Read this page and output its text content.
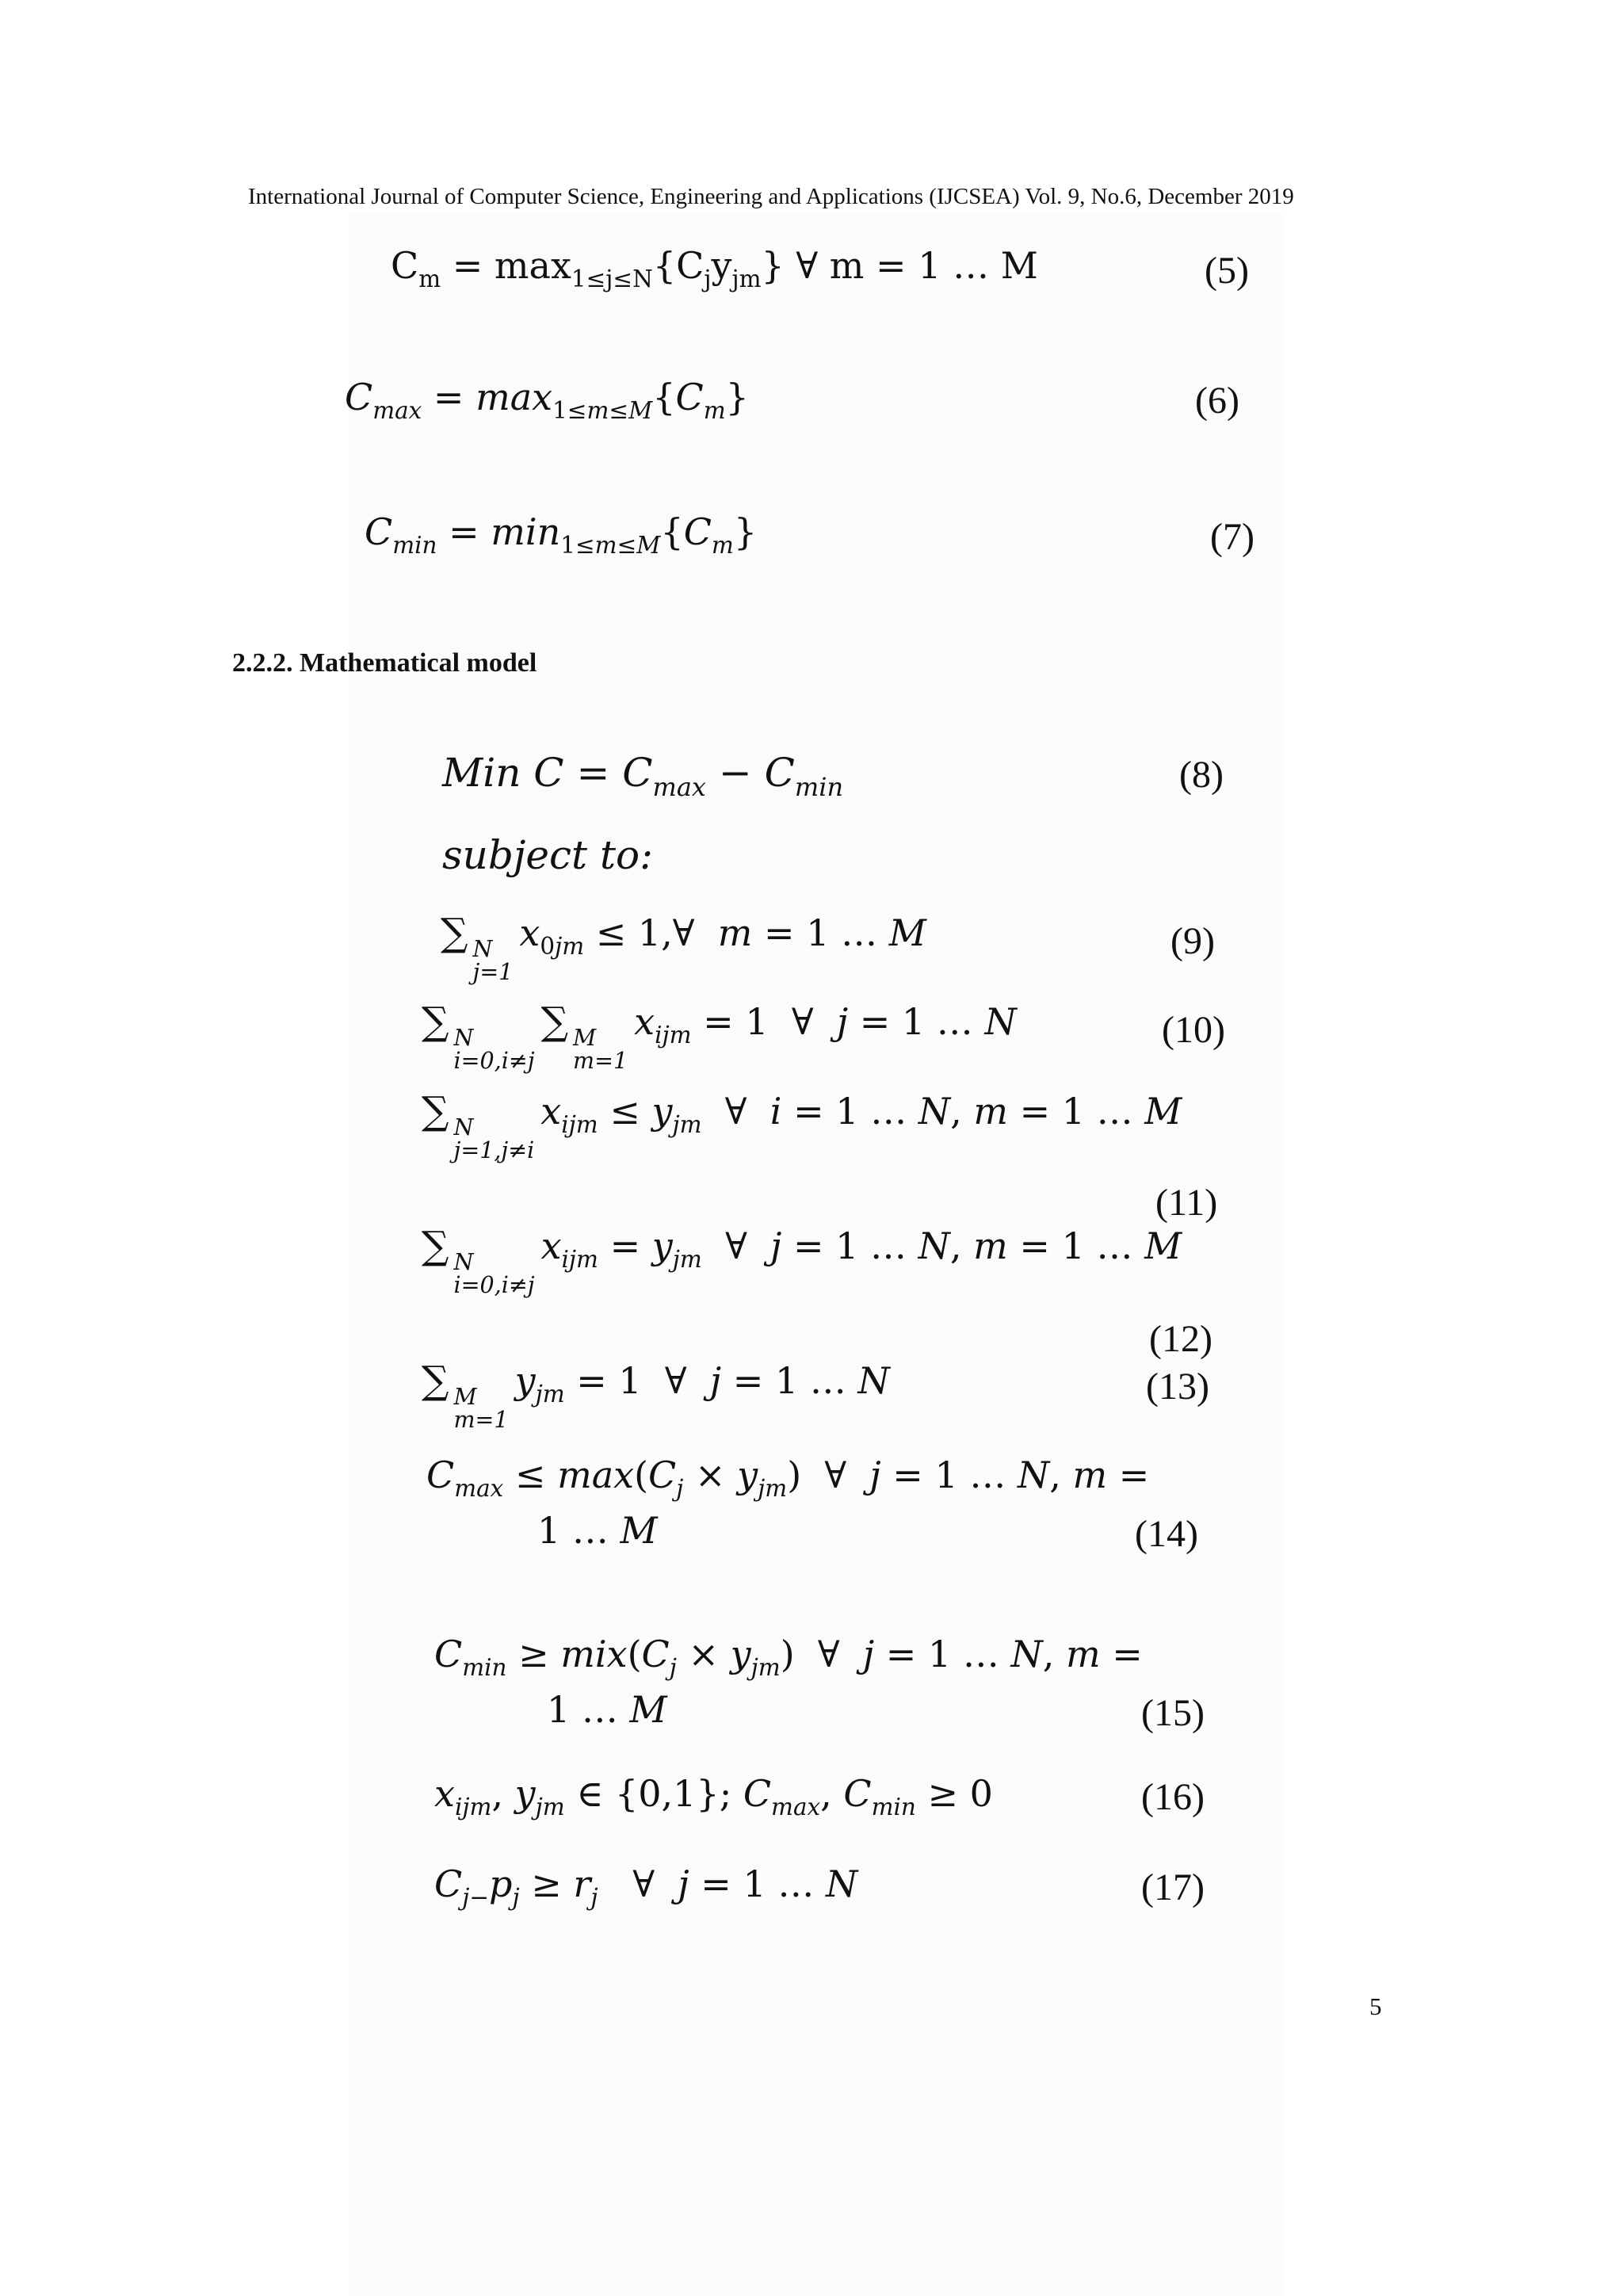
International Journal of Computer Science, Engineering and Applications (IJCSEA) Vol. 9, No.6, December 2019
$C_m = \max_{1\le j\le N}\{C_jy_{jm}\}$ ∀ m = 1 … M	(5)
$C_{max} = \max_{1\le m\le M}\{C_m\}$	(6)
$C_{min} = \min_{1\le m\le M}\{C_m\}$	(7)
2.2.2. Mathematical model
Min $C = C_{max} - C_{min}$	(8)
subject to:
∑ N
j=1
$x_{0jm}$ ≤ 1,∀  m = 1 … M	(9)
∑ N
i=0,i≠j
∑ M
m=1
$x_{ijm} = 1$  ∀  j = 1 … N	(10)
∑ N
j=1,j≠i
$x_{ijm} \le y_{jm}$  ∀  i = 1 … N, m = 1 … M
(11)
∑ N
i=0,i≠j
$x_{ijm} = y_{jm}$  ∀  j = 1 … N, m = 1 … M
(12)
∑ M
m=1
$y_{jm} = 1$  ∀  j = 1 … N	(13)
$C_{max} \le \max(C_j \times y_{jm})$  ∀  j = 1 … N, m =
1 … M	(14)
$C_{min} \ge mix(C_j \times y_{jm})$  ∀  j = 1 … N, m =
1 … M	(15)
$x_{ijm}$, $y_{jm}$ ∈ {0,1}; $C_{max}$, $C_{min} \ge 0$	(16)
$C_{j-}p_j \ge r_j$   ∀  j = 1 … N	(17)
5
